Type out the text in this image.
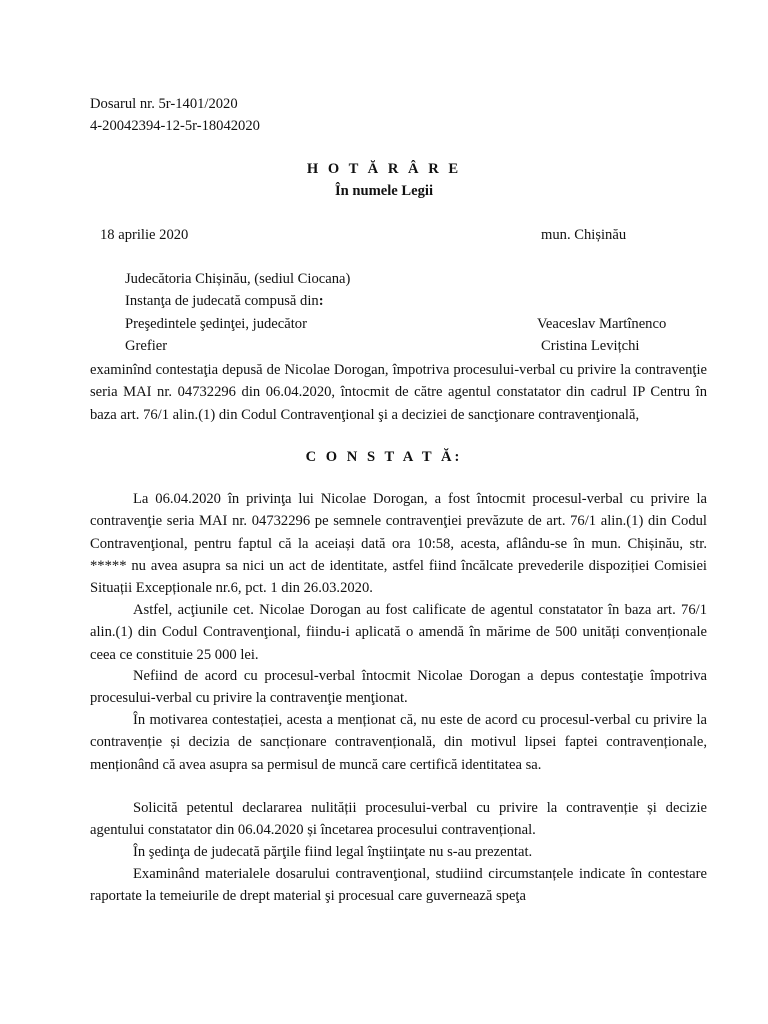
Dosarul nr. 5r-1401/2020
4-20042394-12-5r-18042020
H O T Ă R Â R E
În numele Legii
18 aprilie 2020	mun. Chișinău
Judecătoria Chișinău, (sediul Ciocana)
Instanţa de judecată compusă din:
Preşedintele şedinţei, judecător	Veaceslav Martînenco
Grefier	Cristina Levițchi
examinînd contestaţia depusă de Nicolae Dorogan, împotriva procesului-verbal cu privire la contravenţie seria MAI nr. 04732296 din 06.04.2020, întocmit de către agentul constatator din cadrul IP Centru în baza art. 76/1 alin.(1) din Codul Contravenţional şi a deciziei de sancţionare contravenţională,
C O N S T A T Ă:
La 06.04.2020 în privinţa lui Nicolae Dorogan, a fost întocmit procesul-verbal cu privire la contravenţie seria MAI nr. 04732296 pe semnele contravenţiei prevăzute de art. 76/1 alin.(1) din Codul Contravenţional, pentru faptul că la aceiași dată ora 10:58, acesta, aflându-se în mun. Chișinău, str. ***** nu avea asupra sa nici un act de identitate, astfel fiind încălcate prevederile dispoziției Comisiei Situații Excepționale nr.6, pct. 1 din 26.03.2020.
Astfel, acţiunile cet. Nicolae Dorogan au fost calificate de agentul constatator în baza art. 76/1 alin.(1) din Codul Contravenţional, fiindu-i aplicată o amendă în mărime de 500 unități convenționale ceea ce constituie 25 000 lei.
Nefiind de acord cu procesul-verbal întocmit Nicolae Dorogan a depus contestaţie împotriva procesului-verbal cu privire la contravenţie menţionat.
În motivarea contestației, acesta a menționat că, nu este de acord cu procesul-verbal cu privire la contravenție și decizia de sancționare contravențională, din motivul lipsei faptei contravenționale, menționând că avea asupra sa permisul de muncă care certifică identitatea sa.
Solicită petentul declararea nulității procesului-verbal cu privire la contravenție și decizie agentului constatator din 06.04.2020 și încetarea procesului contravențional.
În şedinţa de judecată părţile fiind legal înştiinţate nu s-au prezentat.
Examinând materialele dosarului contravenţional, studiind circumstanțele indicate în contestare raportate la temeiurile de drept material şi procesual care guvernează speţa
